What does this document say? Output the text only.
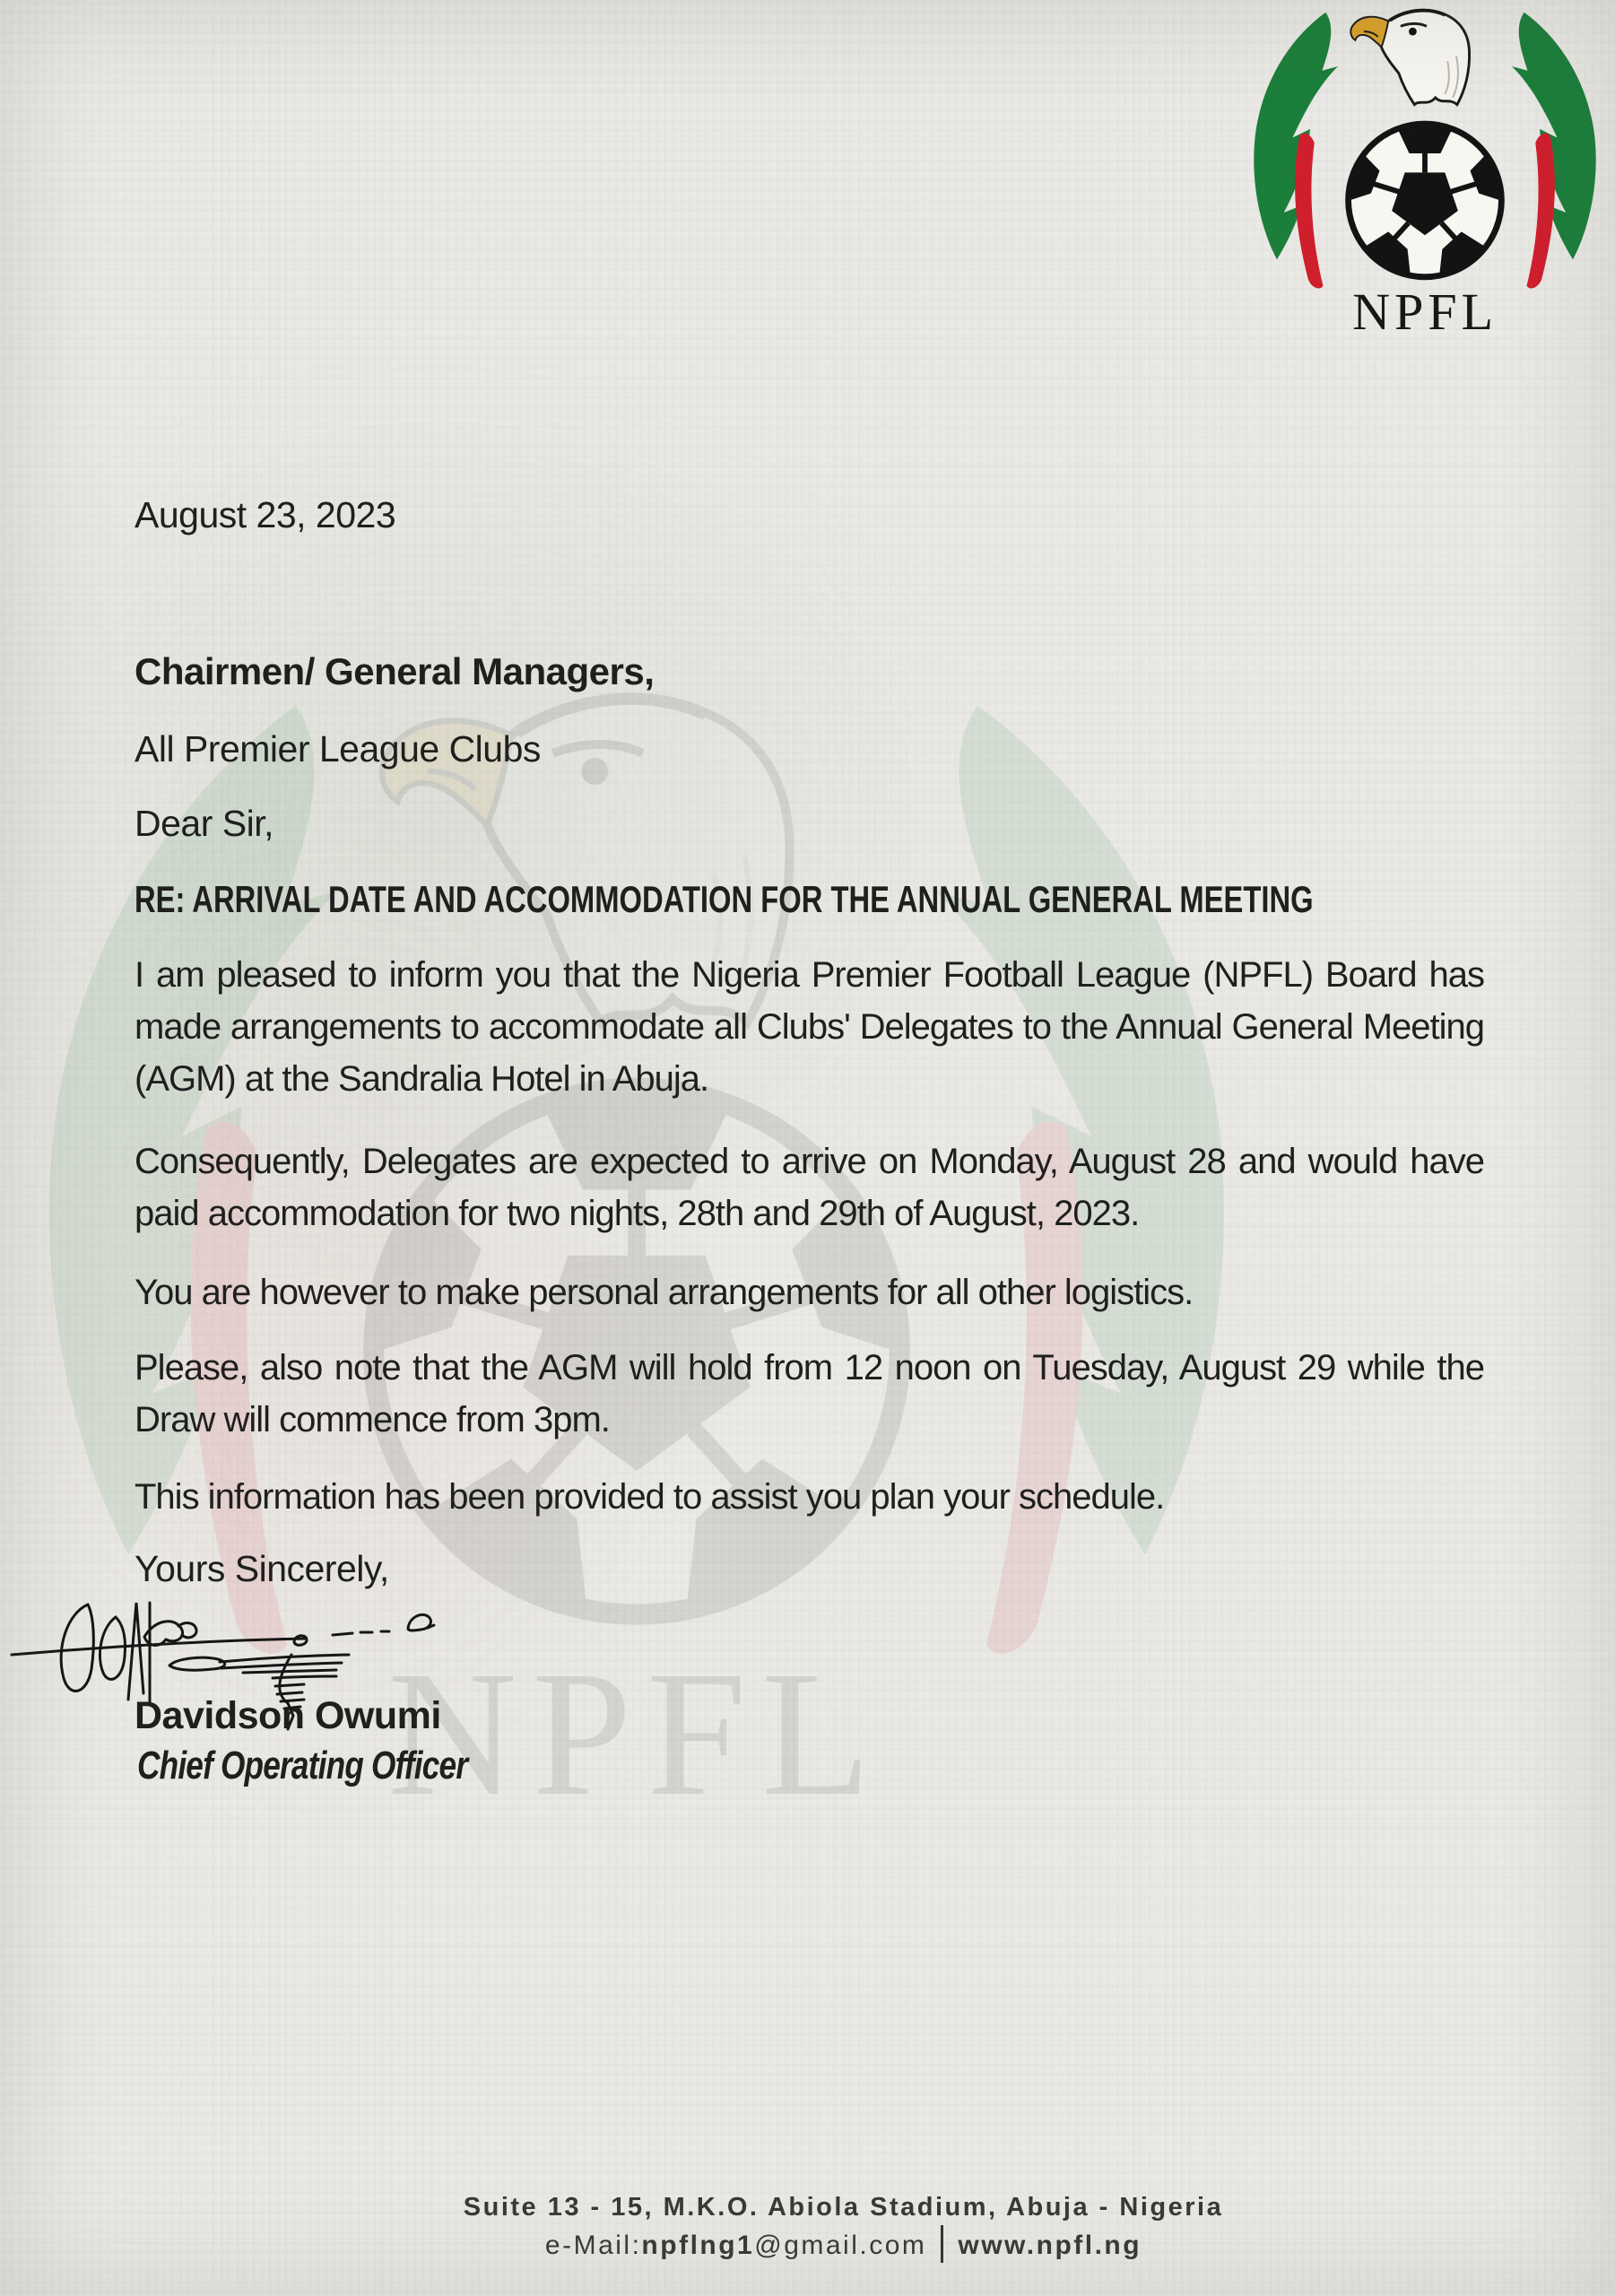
August 23, 2023
Chairmen/ General Managers,
All Premier League Clubs
Dear Sir,
RE: ARRIVAL DATE AND ACCOMMODATION FOR THE ANNUAL GENERAL MEETING

I am pleased to inform you that the Nigeria Premier Football League (NPFL) Board has made arrangements to accommodate all Clubs' Delegates to the Annual General Meeting (AGM) at the Sandralia Hotel in Abuja.

Consequently, Delegates are expected to arrive on Monday, August 28 and would have paid accommodation for two nights, 28th and 29th of August, 2023.

You are however to make personal arrangements for all other logistics.

Please, also note that the AGM will hold from 12 noon on Tuesday, August 29 while the Draw will commence from 3pm.

This information has been provided to assist you plan your schedule.

Yours Sincerely,
Davidson Owumi
Chief Operating Officer
Suite 13 - 15, M.K.O. Abiola Stadium, Abuja - Nigeria
e-Mail:npflng1@gmail.com www.npfl.ng
